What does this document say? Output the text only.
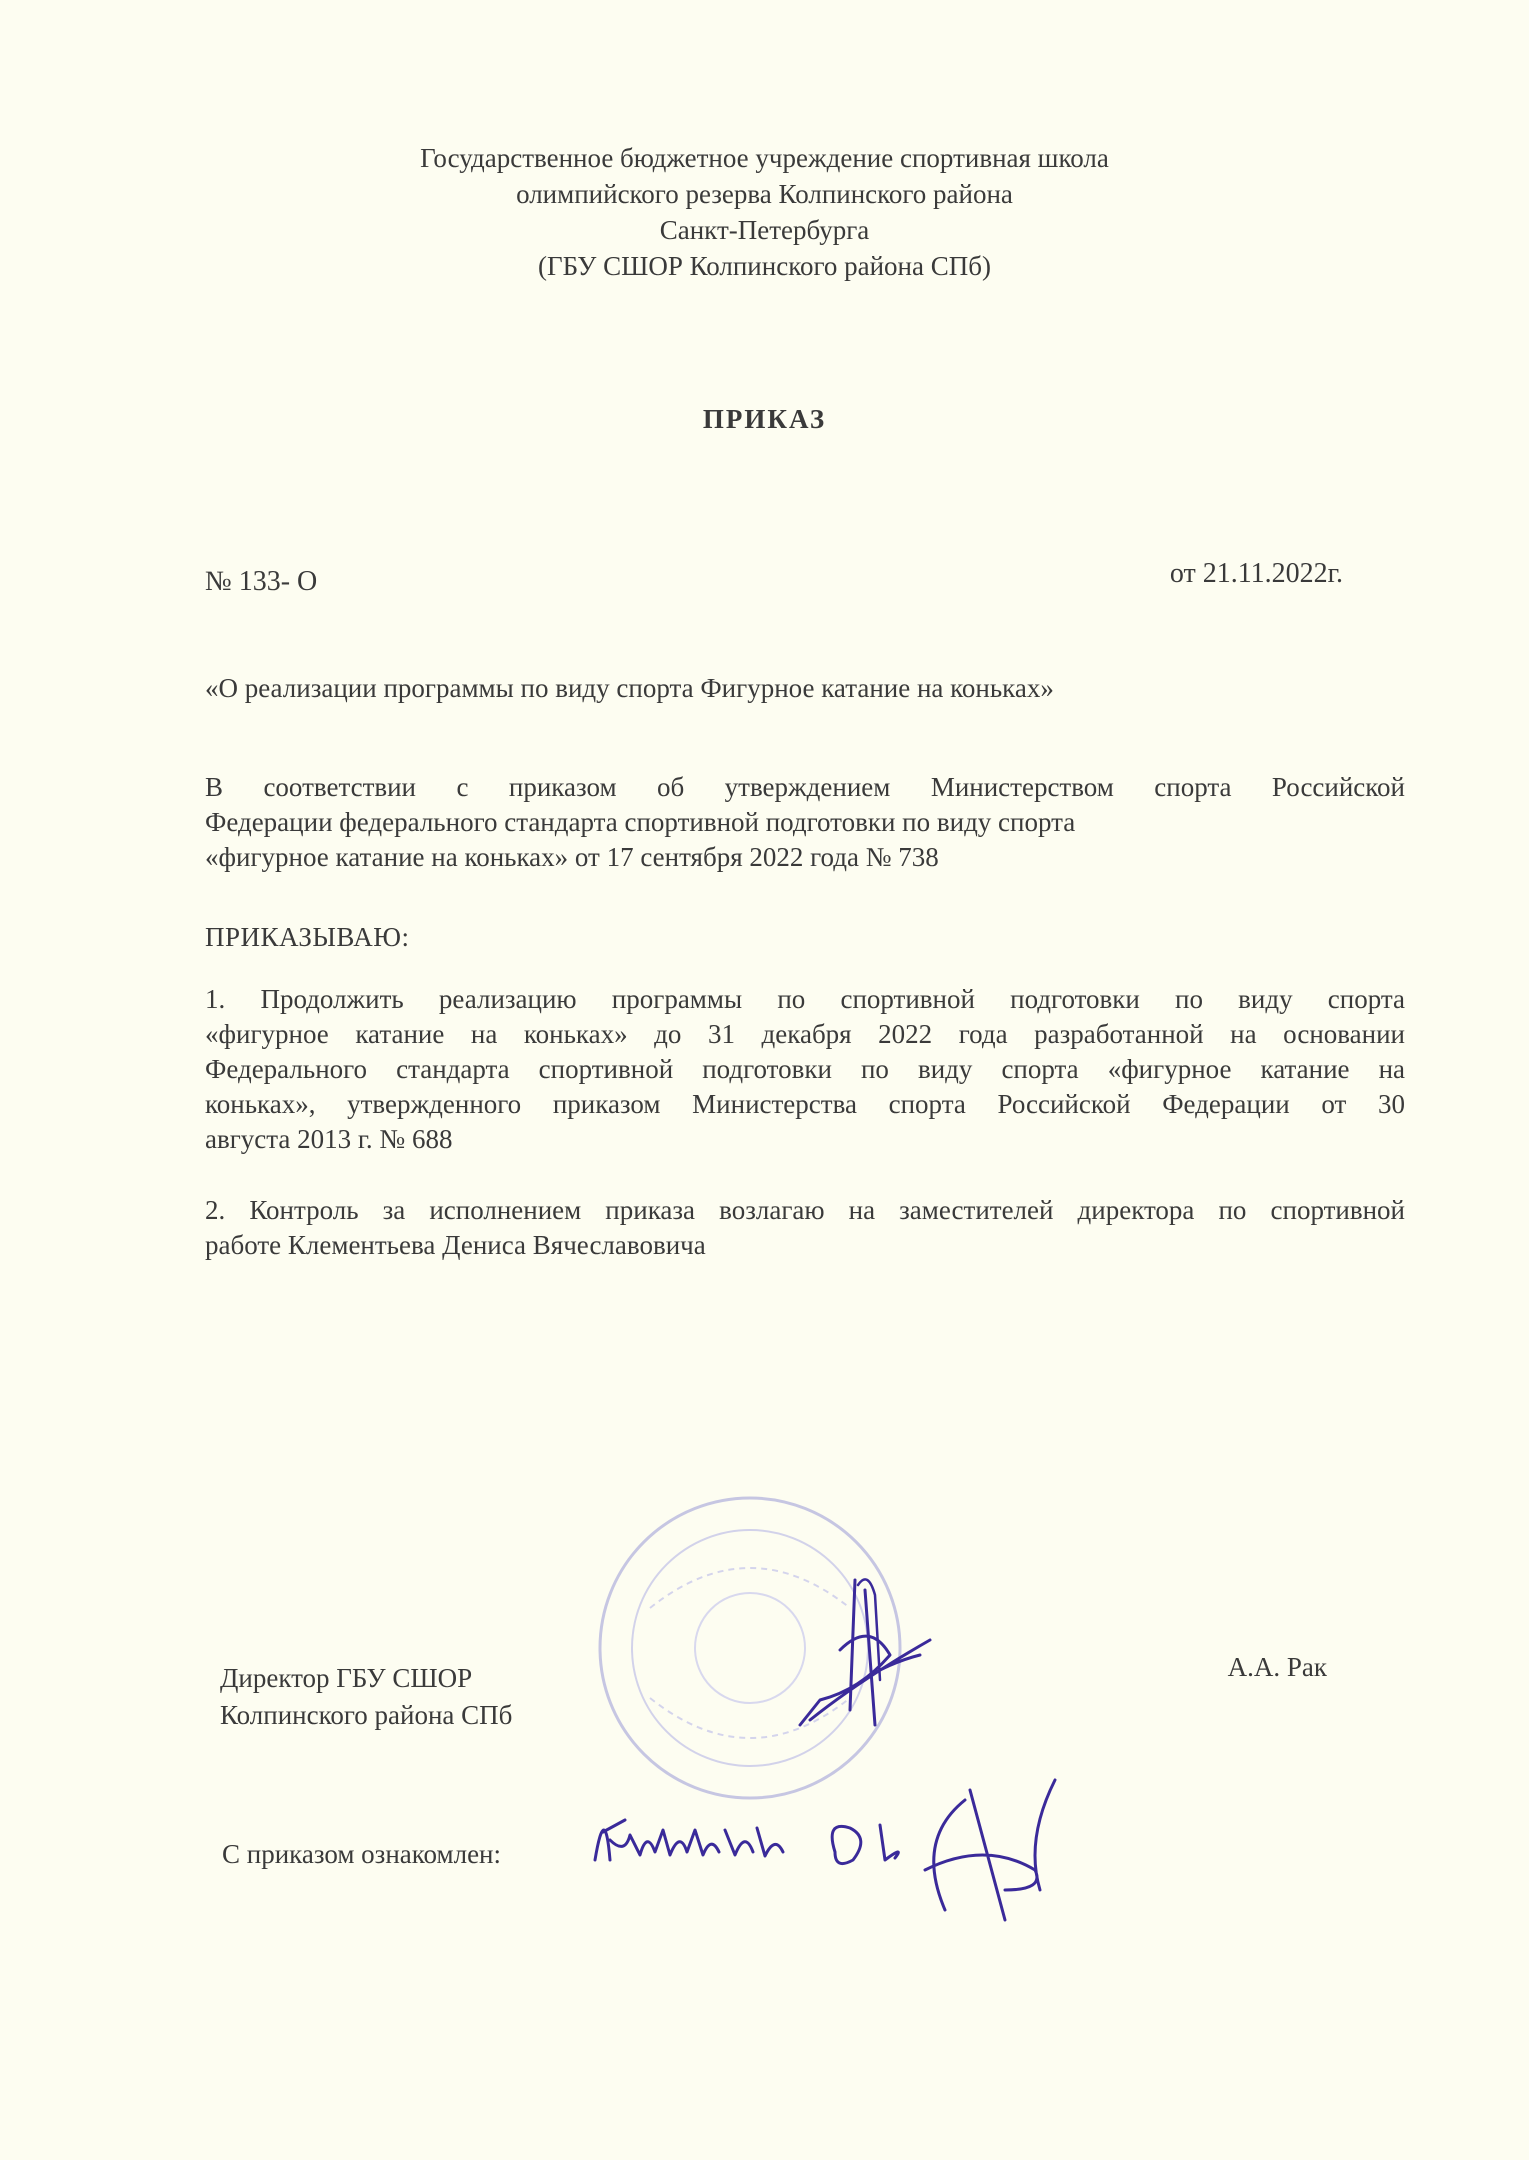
Государственное бюджетное учреждение спортивная школа
олимпийского резерва Колпинского района
Санкт-Петербурга
(ГБУ СШОР Колпинского района СПб)
ПРИКАЗ
№ 133- О	от 21.11.2022г.
«О реализации программы по виду спорта Фигурное катание на коньках»
В соответствии с приказом об утверждением Министерством спорта Российской
Федерации федерального стандарта спортивной подготовки по виду спорта
«фигурное катание на коньках» от 17 сентября 2022 года № 738
ПРИКАЗЫВАЮ:
1. Продолжить реализацию программы по спортивной подготовки по виду спорта
«фигурное катание на коньках» до 31 декабря 2022 года разработанной на основании
Федерального стандарта спортивной подготовки по виду спорта «фигурное катание на
коньках», утвержденного приказом Министерства спорта Российской Федерации от 30
августа 2013 г. № 688
2. Контроль за исполнением приказа возлагаю на заместителей директора по спортивной
работе Клементьева Дениса Вячеславовича
Директор ГБУ СШОР
Колпинского района СПб
А.А. Рак
С приказом ознакомлен:
